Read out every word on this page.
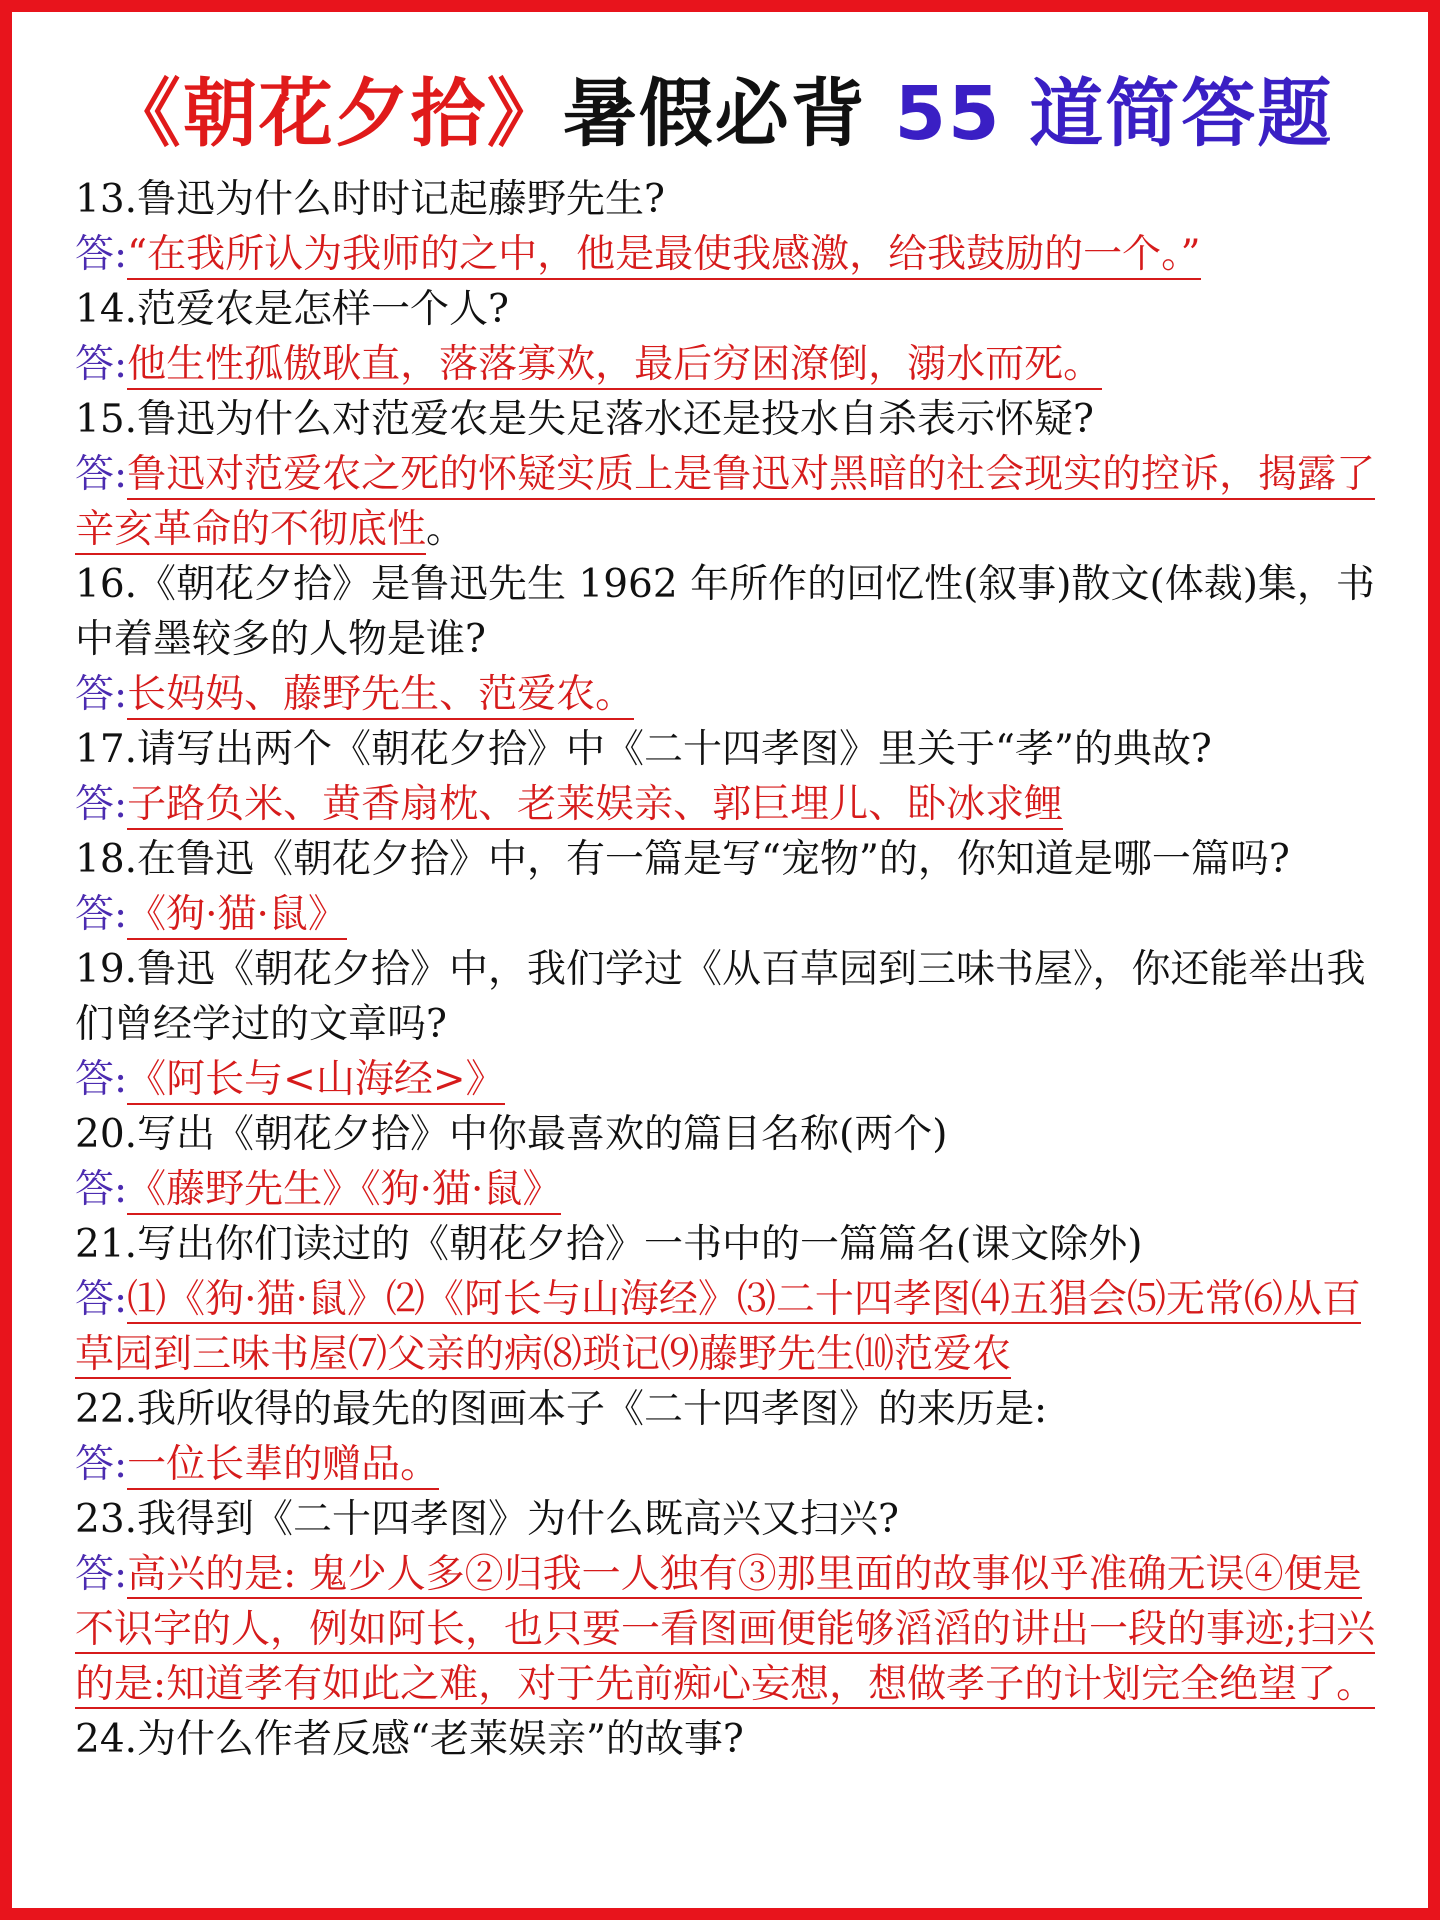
《朝花夕拾》暑假必背 55 道简答题

13.鲁迅为什么时时记起藤野先生?

答:“在我所认为我师的之中，他是最使我感激，给我鼓励的一个。”

14.范爱农是怎样一个人?

答:他生性孤傲耿直，落落寡欢，最后穷困潦倒，溺水而死。

15.鲁迅为什么对范爱农是失足落水还是投水自杀表示怀疑?

答:鲁迅对范爱农之死的怀疑实质上是鲁迅对黑暗的社会现实的控诉，揭露了辛亥革命的不彻底性。

16.《朝花夕拾》是鲁迅先生 1962 年所作的回忆性(叙事)散文(体裁)集，书中着墨较多的人物是谁?

答:长妈妈、藤野先生、范爱农。

17.请写出两个《朝花夕拾》中《二十四孝图》里关于“孝”的典故?

答:子路负米、黄香扇枕、老莱娱亲、郭巨埋儿、卧冰求鲤

18.在鲁迅《朝花夕拾》中，有一篇是写“宠物”的，你知道是哪一篇吗?

答:《狗·猫·鼠》

19.鲁迅《朝花夕拾》中，我们学过《从百草园到三味书屋》，你还能举出我们曾经学过的文章吗?

答:《阿长与<山海经>》

20.写出《朝花夕拾》中你最喜欢的篇目名称(两个)

答:《藤野先生》《狗·猫·鼠》

21.写出你们读过的《朝花夕拾》一书中的一篇篇名(课文除外)

答:⑴《狗·猫·鼠》⑵《阿长与山海经》⑶二十四孝图⑷五猖会⑸无常⑹从百草园到三味书屋⑺父亲的病⑻琐记⑼藤野先生⑽范爱农

22.我所收得的最先的图画本子《二十四孝图》的来历是:

答:一位长辈的赠品。

23.我得到《二十四孝图》为什么既高兴又扫兴?

答:高兴的是: 鬼少人多②归我一人独有③那里面的故事似乎准确无误④便是不识字的人，例如阿长，也只要一看图画便能够滔滔的讲出一段的事迹;扫兴的是:知道孝有如此之难，对于先前痴心妄想，想做孝子的计划完全绝望了。

24.为什么作者反感“老莱娱亲”的故事?
